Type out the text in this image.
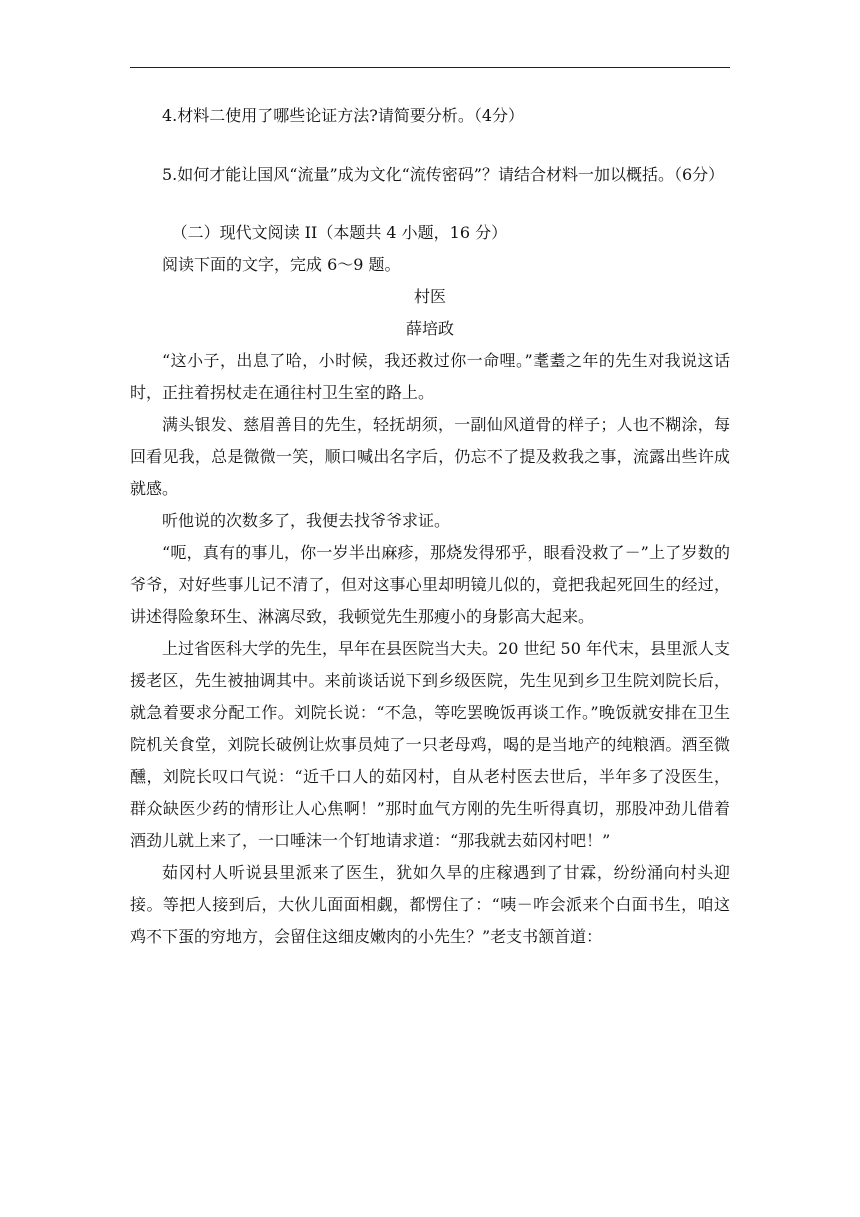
4.材料二使用了哪些论证方法?请简要分析。（4分）

5.如何才能让国风“流量”成为文化“流传密码”？请结合材料一加以概括。（6分）

（二）现代文阅读 II（本题共 4 小题，16 分）

阅读下面的文字，完成 6～9 题。

村医

薛培政

“这小子，出息了哈，小时候，我还救过你一命哩。”耄耋之年的先生对我说这话时，正拄着拐杖走在通往村卫生室的路上。

满头银发、慈眉善目的先生，轻抚胡须，一副仙风道骨的样子；人也不糊涂，每回看见我，总是微微一笑，顺口喊出名字后，仍忘不了提及救我之事，流露出些许成就感。

听他说的次数多了，我便去找爷爷求证。

“呃，真有的事儿，你一岁半出麻疹，那烧发得邪乎，眼看没救了－”上了岁数的爷爷，对好些事儿记不清了，但对这事心里却明镜儿似的，竟把我起死回生的经过，讲述得险象环生、淋漓尽致，我顿觉先生那瘦小的身影高大起来。

上过省医科大学的先生，早年在县医院当大夫。20 世纪 50 年代末，县里派人支援老区，先生被抽调其中。来前谈话说下到乡级医院，先生见到乡卫生院刘院长后，就急着要求分配工作。刘院长说：“不急，等吃罢晚饭再谈工作。”晚饭就安排在卫生院机关食堂，刘院长破例让炊事员炖了一只老母鸡，喝的是当地产的纯粮酒。酒至微醺，刘院长叹口气说：“近千口人的茹冈村，自从老村医去世后，半年多了没医生，群众缺医少药的情形让人心焦啊！”那时血气方刚的先生听得真切，那股冲劲儿借着酒劲儿就上来了，一口唾沫一个钉地请求道：“那我就去茹冈村吧！”

茹冈村人听说县里派来了医生，犹如久旱的庄稼遇到了甘霖，纷纷涌向村头迎接。等把人接到后，大伙儿面面相觑，都愣住了：“咦－咋会派来个白面书生，咱这鸡不下蛋的穷地方，会留住这细皮嫩肉的小先生？”老支书颔首道：
